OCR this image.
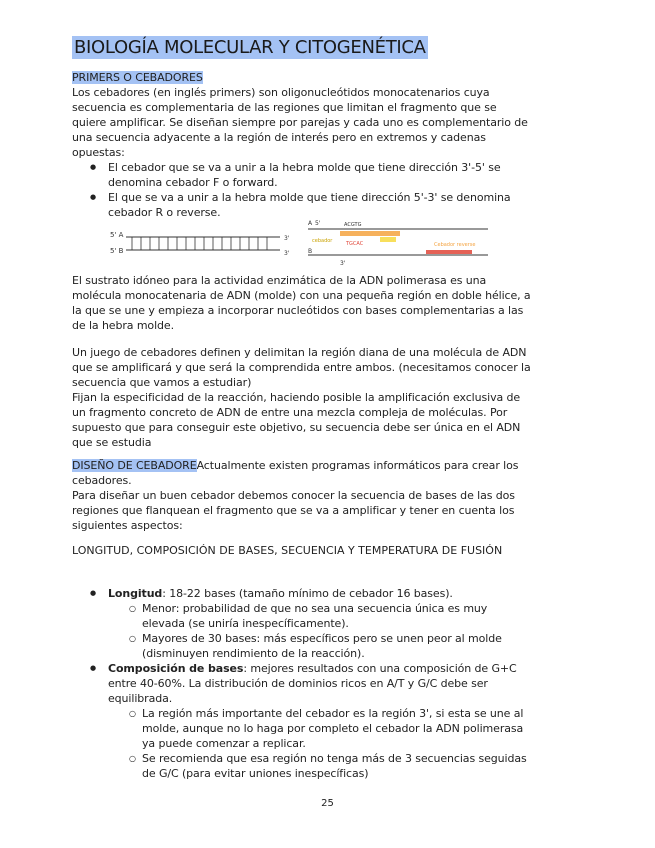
BIOLOGÍA MOLECULAR Y CITOGENÉTICA

PRIMERS O CEBADORES

Los cebadores (en inglés primers) son oligonucleótidos monocatenarios cuya secuencia es complementaria de las regiones que limitan el fragmento que se quiere amplificar. Se diseñan siempre por parejas y cada uno es complementario de una secuencia adyacente a la región de interés pero en extremos y cadenas opuestas:

● El cebador que se va a unir a la hebra molde que tiene dirección 3'-5' se denomina cebador F o forward.
● El que se va a unir a la hebra molde que tiene dirección 5'-3' se denomina cebador R o reverse.
5' A
5' B
3'
3'
A 5'	ACGTG
TGCAC
cebador
B
Cebador reverse
3'

El sustrato idóneo para la actividad enzimática de la ADN polimerasa es una molécula monocatenaria de ADN (molde) con una pequeña región en doble hélice, a la que se une y empieza a incorporar nucleótidos con bases complementarias a las de la hebra molde.

Un juego de cebadores definen y delimitan la región diana de una molécula de ADN que se amplificará y que será la comprendida entre ambos. (necesitamos conocer la secuencia que vamos a estudiar)

Fijan la especificidad de la reacción, haciendo posible la amplificación exclusiva de un fragmento concreto de ADN de entre una mezcla compleja de moléculas. Por supuesto que para conseguir este objetivo, su secuencia debe ser única en el ADN que se estudia

DISEÑO DE CEBADOREActualmente existen programas informáticos para crear los cebadores.

Para diseñar un buen cebador debemos conocer la secuencia de bases de las dos regiones que flanquean el fragmento que se va a amplificar y tener en cuenta los siguientes aspectos:

LONGITUD, COMPOSICIÓN DE BASES, SECUENCIA Y TEMPERATURA DE FUSIÓN

● Longitud: 18-22 bases (tamaño mínimo de cebador 16 bases).
○ Menor: probabilidad de que no sea una secuencia única es muy elevada (se uniría inespecíficamente).
○ Mayores de 30 bases: más específicos pero se unen peor al molde (disminuyen rendimiento de la reacción).
● Composición de bases: mejores resultados con una composición de G+C entre 40-60%. La distribución de dominios ricos en A/T y G/C debe ser equilibrada.
○ La región más importante del cebador es la región 3', si esta se une al molde, aunque no lo haga por completo el cebador la ADN polimerasa ya puede comenzar a replicar.
○ Se recomienda que esa región no tenga más de 3 secuencias seguidas de G/C (para evitar uniones inespecíficas)
25
